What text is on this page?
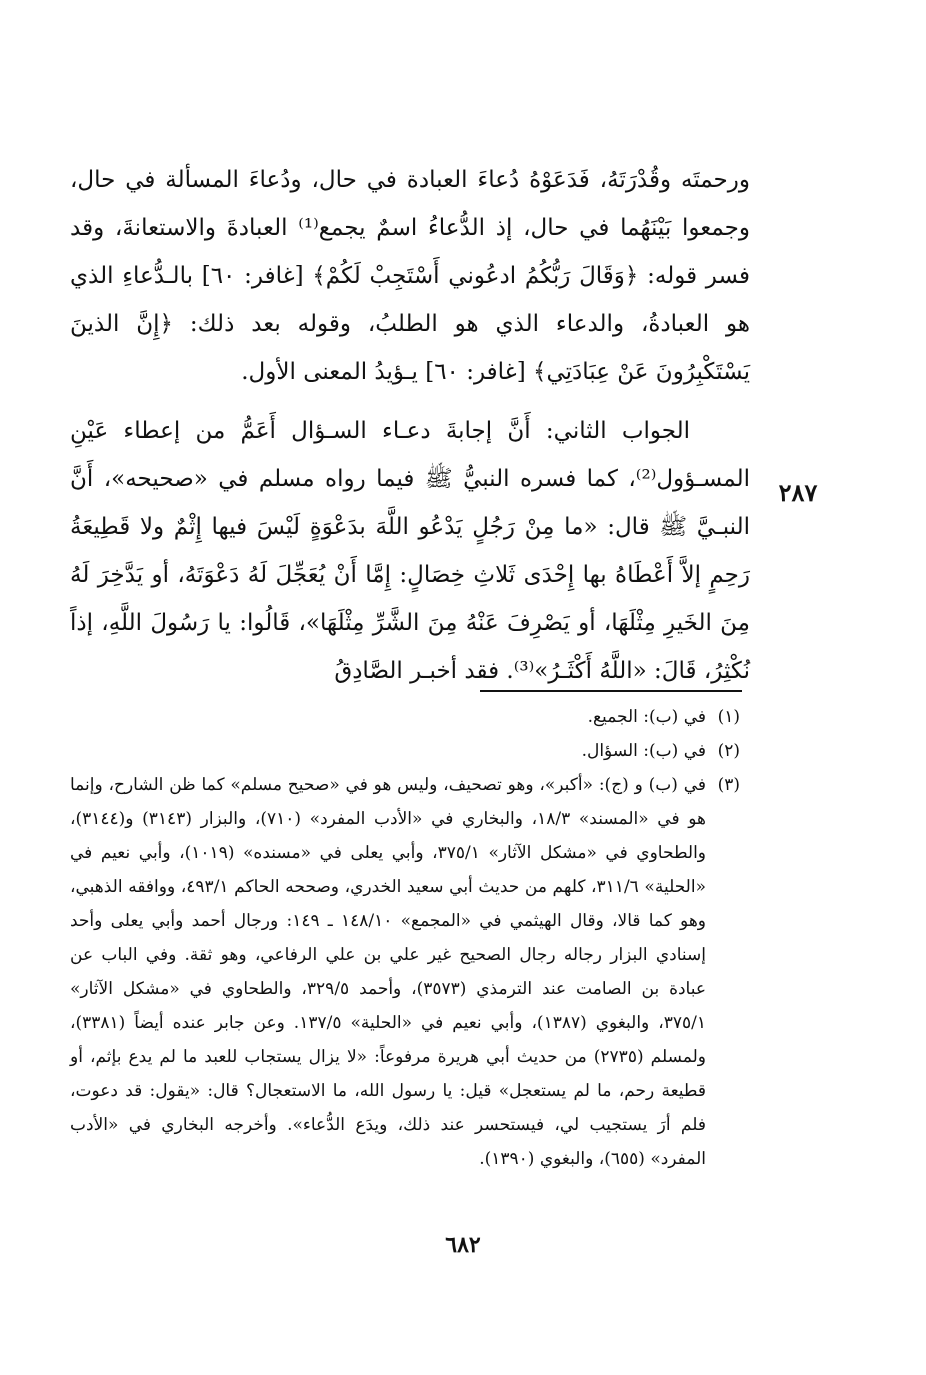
ورحمتَه وقُدْرَتَهُ، فَدَعَوْهُ دُعاءَ العبادة في حال، ودُعاءَ المسألة في حال، وجمعوا بَيْنَهُما في حال، إذ الدُّعاءُ اسمٌ يجمع⁽¹⁾ العبادةَ والاستعانةَ، وقد فسر قوله: ﴿وَقَالَ رَبُّكُمُ ادعُوني أَسْتَجِبْ لَكُمْ﴾ [غافر: ٦٠] بالـدُّعاءِ الذي هو العبادةُ، والدعاء الذي هو الطلبُ، وقوله بعد ذلك: ﴿إِنَّ الذينَ يَسْتَكْبِرُونَ عَنْ عِبَادَتِي﴾ [غافر: ٦٠] يـؤيدُ المعنى الأول.

الجواب الثاني: أَنَّ إجابةَ دعـاء السـؤال أَعَمُّ من إعطاء عَيْنِ المسـؤول⁽²⁾، كما فسره النبيُّ ﷺ فيما رواه مسلم في «صحيحه»، أَنَّ النبـيَّ ﷺ قال: «ما مِنْ رَجُلٍ يَدْعُو اللَّهَ بدَعْوَةٍ لَيْسَ فيها إِثْمٌ ولا قَطِيعَةُ رَحِمٍ إلاَّ أَعْطَاهُ بها إِحْدَى ثَلاثِ خِصَالٍ: إِمَّا أَنْ يُعَجِّلَ لَهُ دَعْوَتَهُ، أو يَدَّخِرَ لَهُ مِنَ الخَيرِ مِثْلَهَا، أو يَصْرِفَ عَنْهُ مِنَ الشَّرِّ مِثْلَهَا»، قَالُوا: يا رَسُولَ اللَّهِ، إذاً نُكْثِرُ، قَالَ: «اللَّهُ أَكْثَـرُ»⁽³⁾. فقد أخبـر الصَّادِقُ

٢٨٧
(١)
في (ب): الجميع.
(٢)
في (ب): السؤال.
(٣)
في (ب) و (ج): «أكبر»، وهو تصحيف، وليس هو في «صحيح مسلم» كما ظن الشارح، وإنما هو في «المسند» ١٨/٣، والبخاري في «الأدب المفرد» (٧١٠)، والبزار (٣١٤٣) و(٣١٤٤)، والطحاوي في «مشكل الآثار» ٣٧٥/١، وأبي يعلى في «مسنده» (١٠١٩)، وأبي نعيم في «الحلية» ٣١١/٦، كلهم من حديث أبي سعيد الخدري، وصححه الحاكم ٤٩٣/١، ووافقه الذهبي، وهو كما قالا، وقال الهيثمي في «المجمع» ١٤٨/١٠ ـ ١٤٩: ورجال أحمد وأبي يعلى وأحد إسنادي البزار رجاله رجال الصحيح غير علي بن علي الرفاعي، وهو ثقة. وفي الباب عن عبادة بن الصامت عند الترمذي (٣٥٧٣)، وأحمد ٣٢٩/٥، والطحاوي في «مشكل الآثار» ٣٧٥/١، والبغوي (١٣٨٧)، وأبي نعيم في «الحلية» ١٣٧/٥. وعن جابر عنده أيضاً (٣٣٨١)، ولمسلم (٢٧٣٥) من حديث أبي هريرة مرفوعاً: «لا يزال يستجاب للعبد ما لم يدع بإثم، أو قطيعة رحم، ما لم يستعجل» قيل: يا رسول الله، ما الاستعجال؟ قال: «يقول: قد دعوت، فلم أرَ يستجيب لي، فيستحسر عند ذلك، ويدَع الدُّعاء». وأخرجه البخاري في «الأدب المفرد» (٦٥٥)، والبغوي (١٣٩٠).
٦٨٢
